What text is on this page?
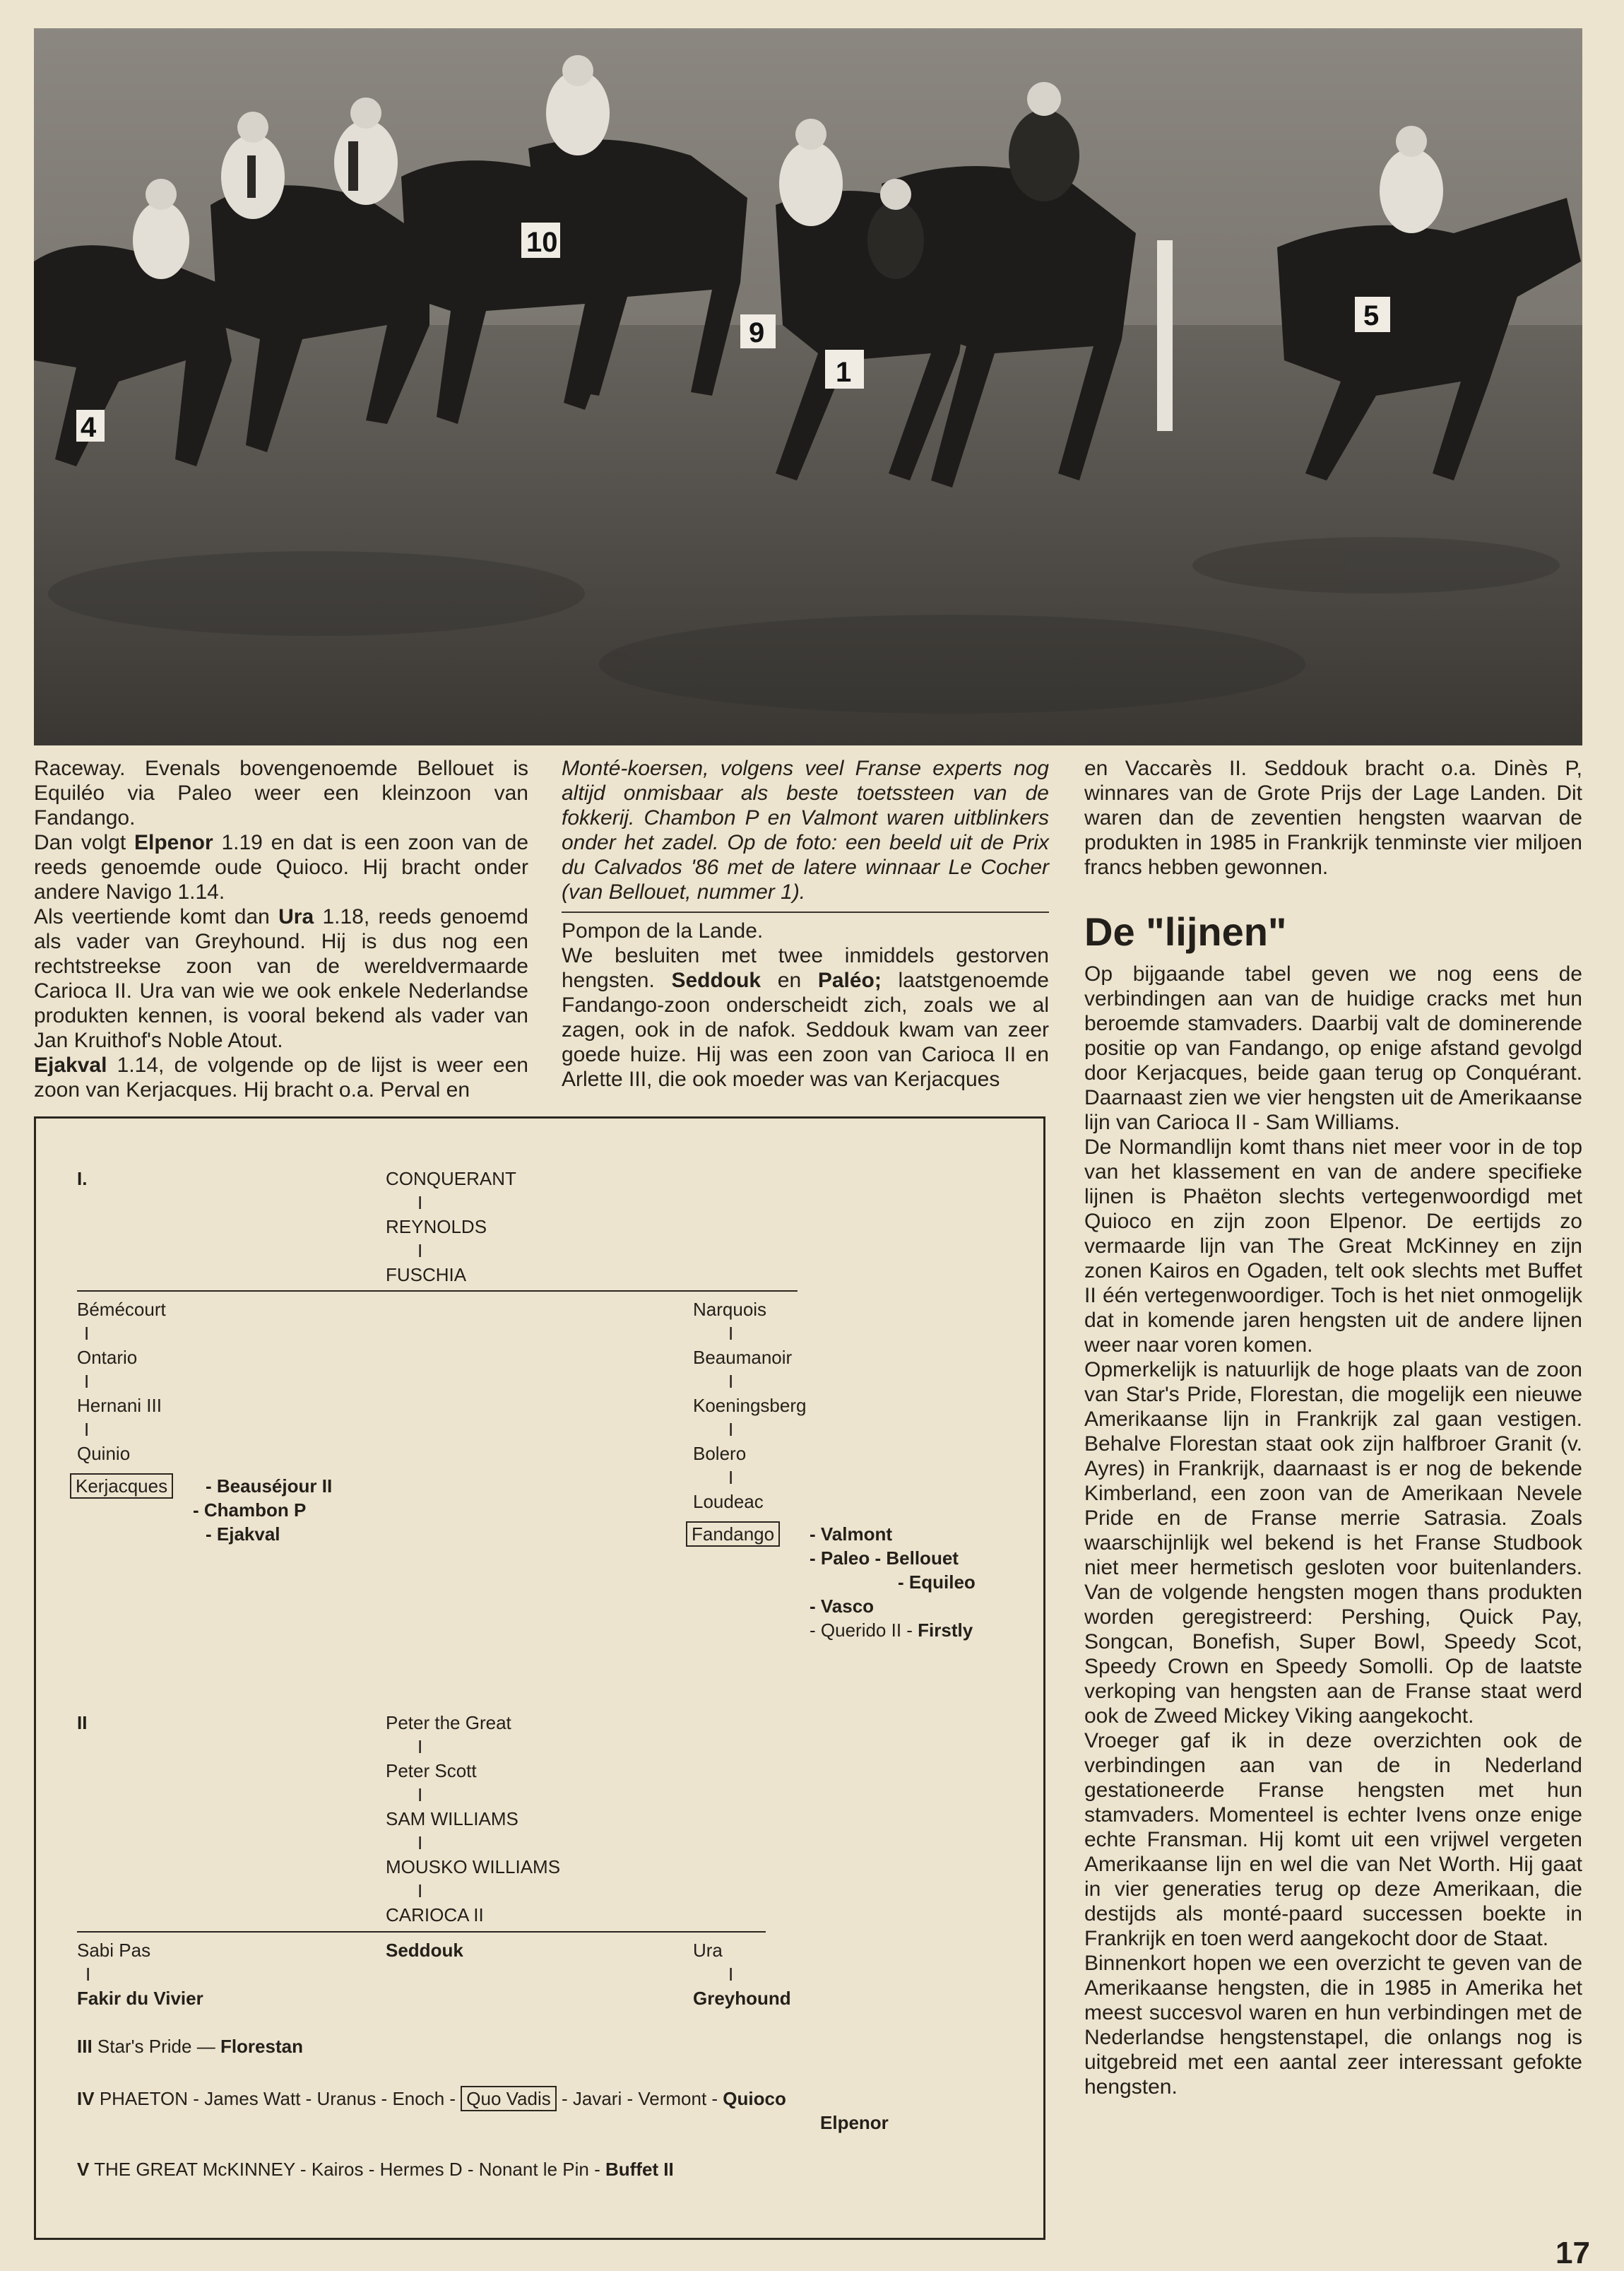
10
9
1
5
4

Raceway. Evenals bovengenoemde Bellouet is Equiléo via Paleo weer een kleinzoon van Fandango.

Dan volgt Elpenor 1.19 en dat is een zoon van de reeds genoemde oude Quioco. Hij bracht onder andere Navigo 1.14.

Als veertiende komt dan Ura 1.18, reeds genoemd als vader van Greyhound. Hij is dus nog een rechtstreekse zoon van de wereldvermaarde Carioca II. Ura van wie we ook enkele Nederlandse produkten kennen, is vooral bekend als vader van Jan Kruithof's Noble Atout.

Ejakval 1.14, de volgende op de lijst is weer een zoon van Kerjacques. Hij bracht o.a. Perval en

Monté-koersen, volgens veel Franse experts nog altijd onmisbaar als beste toetssteen van de fokkerij. Chambon P en Valmont waren uitblinkers onder het zadel. Op de foto: een beeld uit de Prix du Calvados '86 met de latere winnaar Le Cocher (van Bellouet, nummer 1).

Pompon de la Lande.

We besluiten met twee inmiddels gestorven hengsten. Seddouk en Paléo; laatstgenoemde Fandango-zoon onderscheidt zich, zoals we al zagen, ook in de nafok. Seddouk kwam van zeer goede huize. Hij was een zoon van Carioca II en Arlette III, die ook moeder was van Kerjacques

en Vaccarès II. Seddouk bracht o.a. Dinès P, winnares van de Grote Prijs der Lage Landen. Dit waren dan de zeventien hengsten waarvan de produkten in 1985 in Frankrijk tenminste vier miljoen francs hebben gewonnen.

De "lijnen"

Op bijgaande tabel geven we nog eens de verbindingen aan van de huidige cracks met hun beroemde stamvaders. Daarbij valt de dominerende positie op van Fandango, op enige afstand gevolgd door Kerjacques, beide gaan terug op Conquérant. Daarnaast zien we vier hengsten uit de Amerikaanse lijn van Carioca II - Sam Williams.

De Normandlijn komt thans niet meer voor in de top van het klassement en van de andere specifieke lijnen is Phaëton slechts vertegenwoordigd met Quioco en zijn zoon Elpenor. De eertijds zo vermaarde lijn van The Great McKinney en zijn zonen Kairos en Ogaden, telt ook slechts met Buffet II één vertegenwoordiger. Toch is het niet onmogelijk dat in komende jaren hengsten uit de andere lijnen weer naar voren komen.

Opmerkelijk is natuurlijk de hoge plaats van de zoon van Star's Pride, Florestan, die mogelijk een nieuwe Amerikaanse lijn in Frankrijk zal gaan vestigen. Behalve Florestan staat ook zijn halfbroer Granit (v. Ayres) in Frankrijk, daarnaast is er nog de bekende Kimberland, een zoon van de Amerikaan Nevele Pride en de Franse merrie Satrasia. Zoals waarschijnlijk wel bekend is het Franse Studbook niet meer hermetisch gesloten voor buitenlanders. Van de volgende hengsten mogen thans produkten worden geregistreerd: Pershing, Quick Pay, Songcan, Bonefish, Super Bowl, Speedy Scot, Speedy Crown en Speedy Somolli. Op de laatste verkoping van hengsten aan de Franse staat werd ook de Zweed Mickey Viking aangekocht.

Vroeger gaf ik in deze overzichten ook de verbindingen aan van de in Nederland gestationeerde Franse hengsten met hun stamvaders. Momenteel is echter Ivens onze enige echte Fransman. Hij komt uit een vrijwel vergeten Amerikaanse lijn en wel die van Net Worth. Hij gaat in vier generaties terug op deze Amerikaan, die destijds als monté-paard successen boekte in Frankrijk en toen werd aangekocht door de Staat.

Binnenkort hopen we een overzicht te geven van de Amerikaanse hengsten, die in 1985 in Amerika het meest succesvol waren en hun verbindingen met de Nederlandse hengstenstapel, die onlangs nog is uitgebreid met een aantal zeer interessant gefokte hengsten.

I.	CONQUERANT
I
REYNOLDS
I
FUSCHIA
Bémécourt
I
Ontario
I
Hernani III
I
Quinio
Kerjacques	- Beauséjour II
- Chambon P
- Ejakval
Narquois
I
Beaumanoir
I
Koeningsberg
I
Bolero
I
Loudeac
Fandango	- Valmont
- Paleo - Bellouet
- Equileo
- Vasco
- Querido II - Firstly
II	Peter the Great
I
Peter Scott
I
SAM WILLIAMS
I
MOUSKO WILLIAMS
I
CARIOCA II
Sabi Pas
I
Fakir du Vivier
Seddouk	Ura
I
Greyhound
III Star's Pride — Florestan
IV PHAETON - James Watt - Uranus - Enoch - Quo Vadis - Javari - Vermont - Quioco
Elpenor
V THE GREAT McKINNEY - Kairos - Hermes D - Nonant le Pin - Buffet II
17
